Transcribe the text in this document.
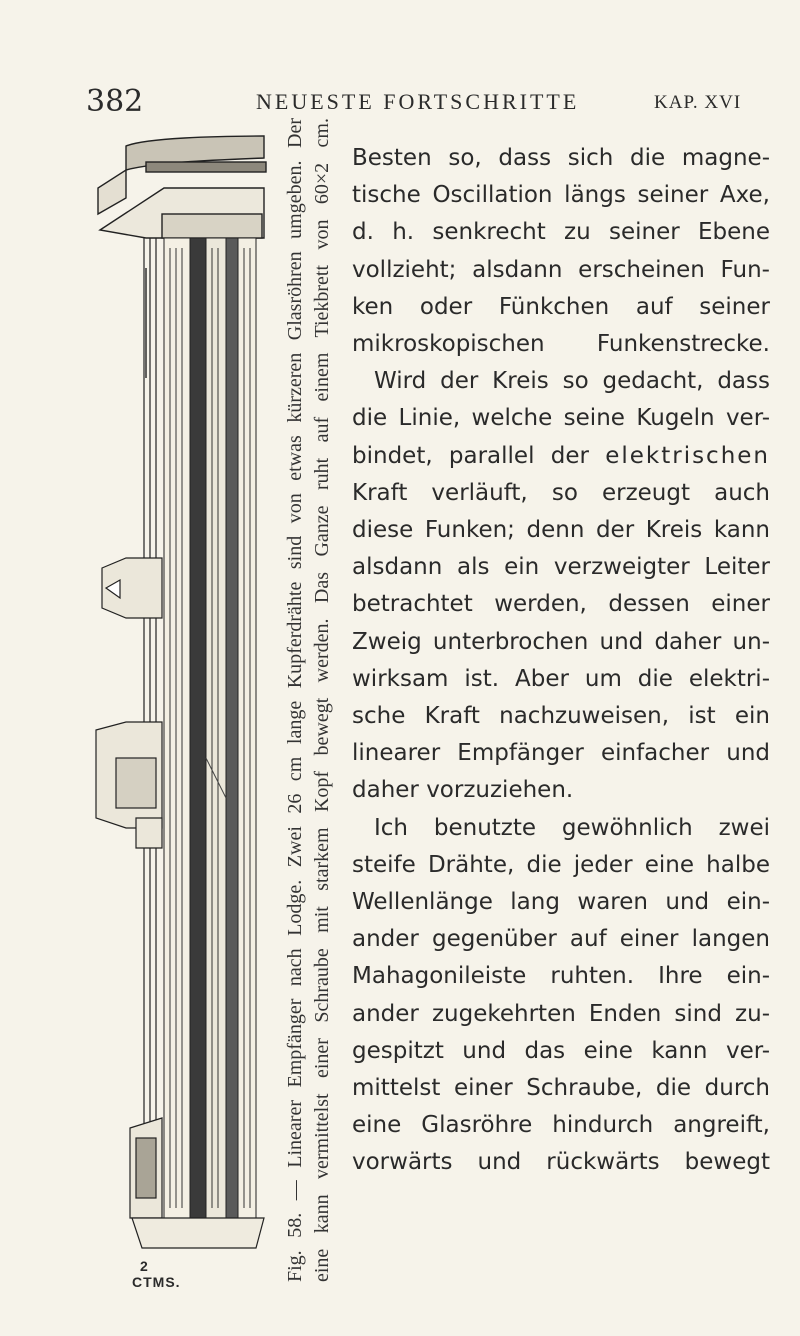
382	NEUESTE FORTSCHRITTE	KAP. XVI
2
CTMS.	Fig. 58. — Linearer Empfänger nach Lodge. Zwei 26 cm lange Kupferdrähte sind von etwas kürzeren Glasröhren umgeben. Der eine kann vermittelst einer Schraube mit starkem Kopf bewegt werden. Das Ganze ruht auf einem Tiekbrett von 60×2 cm. Besten so, dass sich die magne-
tische Oscillation längs seiner Axe,
d. h. senkrecht zu seiner Ebene
vollzieht; alsdann erscheinen Fun-
ken oder Fünkchen auf seiner
mikroskopischen Funkenstrecke.
Wird der Kreis so gedacht, dass
die Linie, welche seine Kugeln ver-
bindet, parallel der elektrischen
Kraft verläuft, so erzeugt auch
diese Funken; denn der Kreis kann
alsdann als ein verzweigter Leiter
betrachtet werden, dessen einer
Zweig unterbrochen und daher un-
wirksam ist. Aber um die elektri-
sche Kraft nachzuweisen, ist ein
linearer Empfänger einfacher und
daher vorzuziehen.
Ich benutzte gewöhnlich zwei
steife Drähte, die jeder eine halbe
Wellenlänge lang waren und ein-
ander gegenüber auf einer langen
Mahagonileiste ruhten. Ihre ein-
ander zugekehrten Enden sind zu-
gespitzt und das eine kann ver-
mittelst einer Schraube, die durch
eine Glasröhre hindurch angreift,
vorwärts und rückwärts bewegt
